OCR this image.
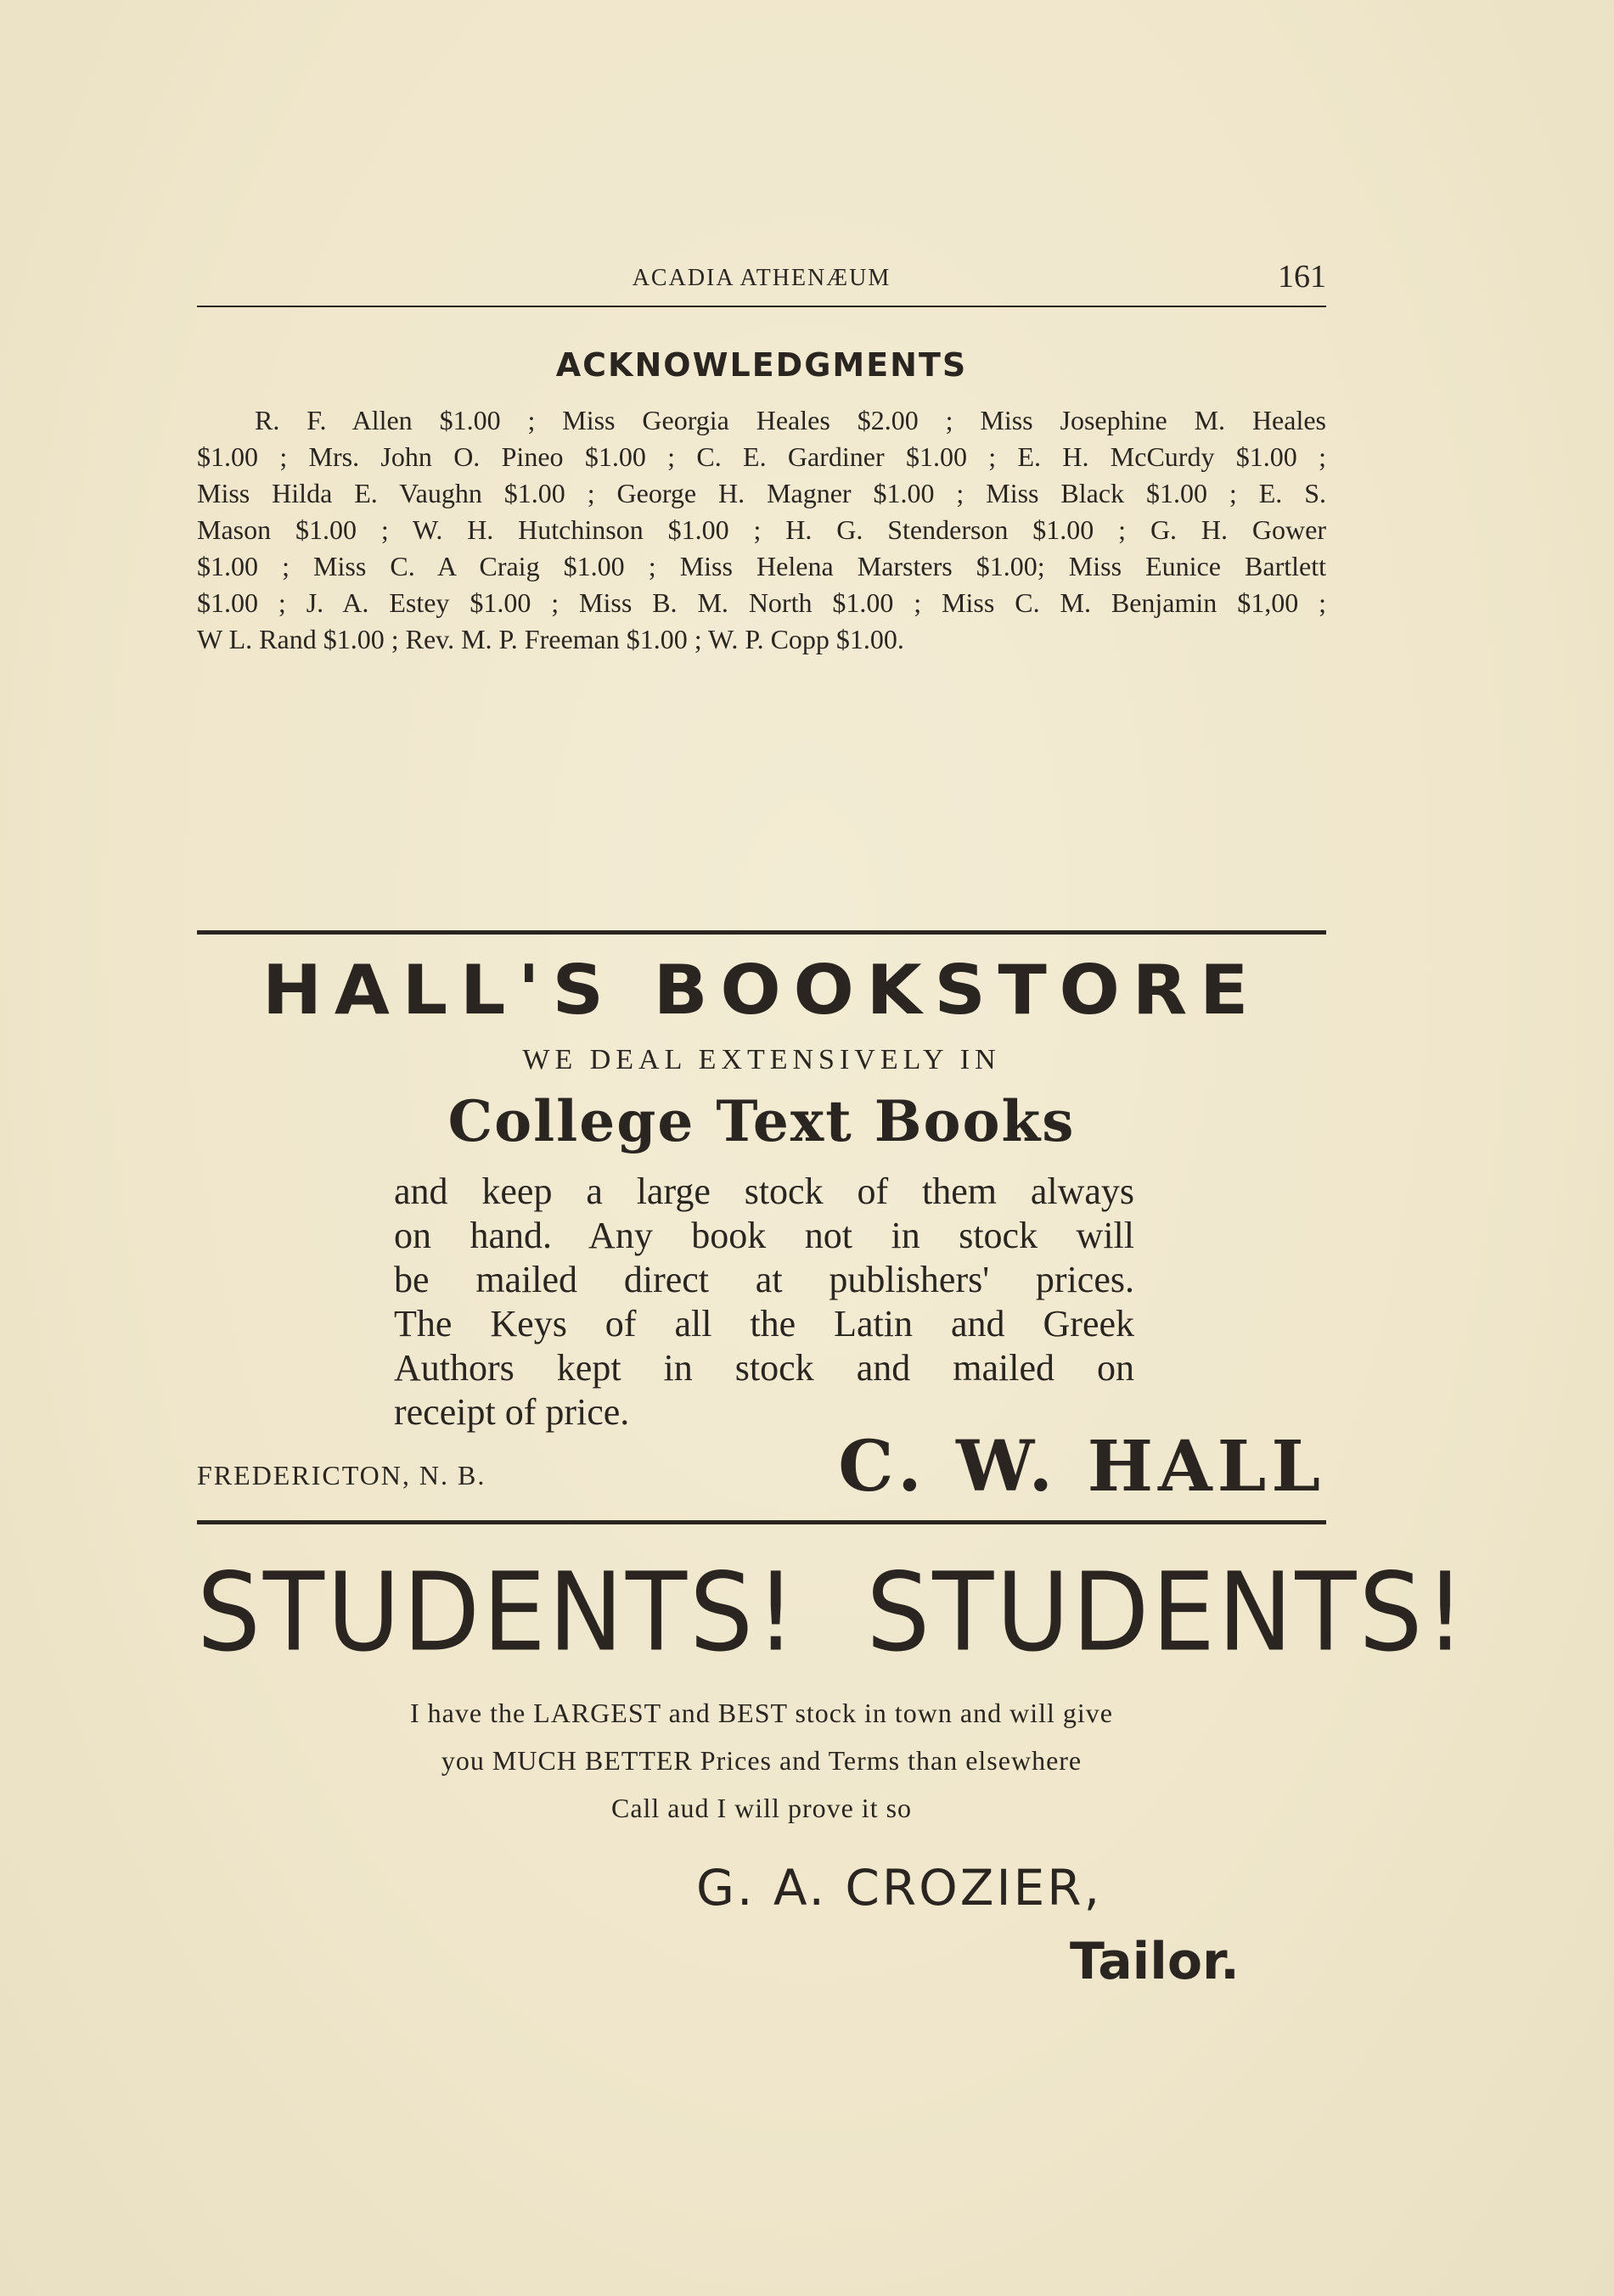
ACADIA ATHENÆUM	161
ACKNOWLEDGMENTS
R. F. Allen $1.00 ; Miss Georgia Heales $2.00 ; Miss Josephine M. Heales
$1.00 ; Mrs. John O. Pineo $1.00 ; C. E. Gardiner $1.00 ; E. H. McCurdy $1.00 ;
Miss Hilda E. Vaughn $1.00 ; George H. Magner $1.00 ; Miss Black $1.00 ; E. S.
Mason $1.00 ; W. H. Hutchinson $1.00 ; H. G. Stenderson $1.00 ; G. H. Gower
$1.00 ; Miss C. A Craig $1.00 ; Miss Helena Marsters $1.00; Miss Eunice Bartlett
$1.00 ; J. A. Estey $1.00 ; Miss B. M. North $1.00 ; Miss C. M. Benjamin $1,00 ;
W L. Rand $1.00 ; Rev. M. P. Freeman $1.00 ; W. P. Copp $1.00.
HALL'S BOOKSTORE
WE DEAL EXTENSIVELY IN
College Text Books
and keep a large stock of them always
on hand. Any book not in stock will
be mailed direct at publishers' prices.
The Keys of all the Latin and Greek
Authors kept in stock and mailed on
receipt of price.
FREDERICTON, N. B.	C. W. HALL
STUDENTS! STUDENTS!
I have the LARGEST and BEST stock in town and will give
you MUCH BETTER Prices and Terms than elsewhere
Call aud I will prove it so
G. A. CROZIER,
Tailor.
